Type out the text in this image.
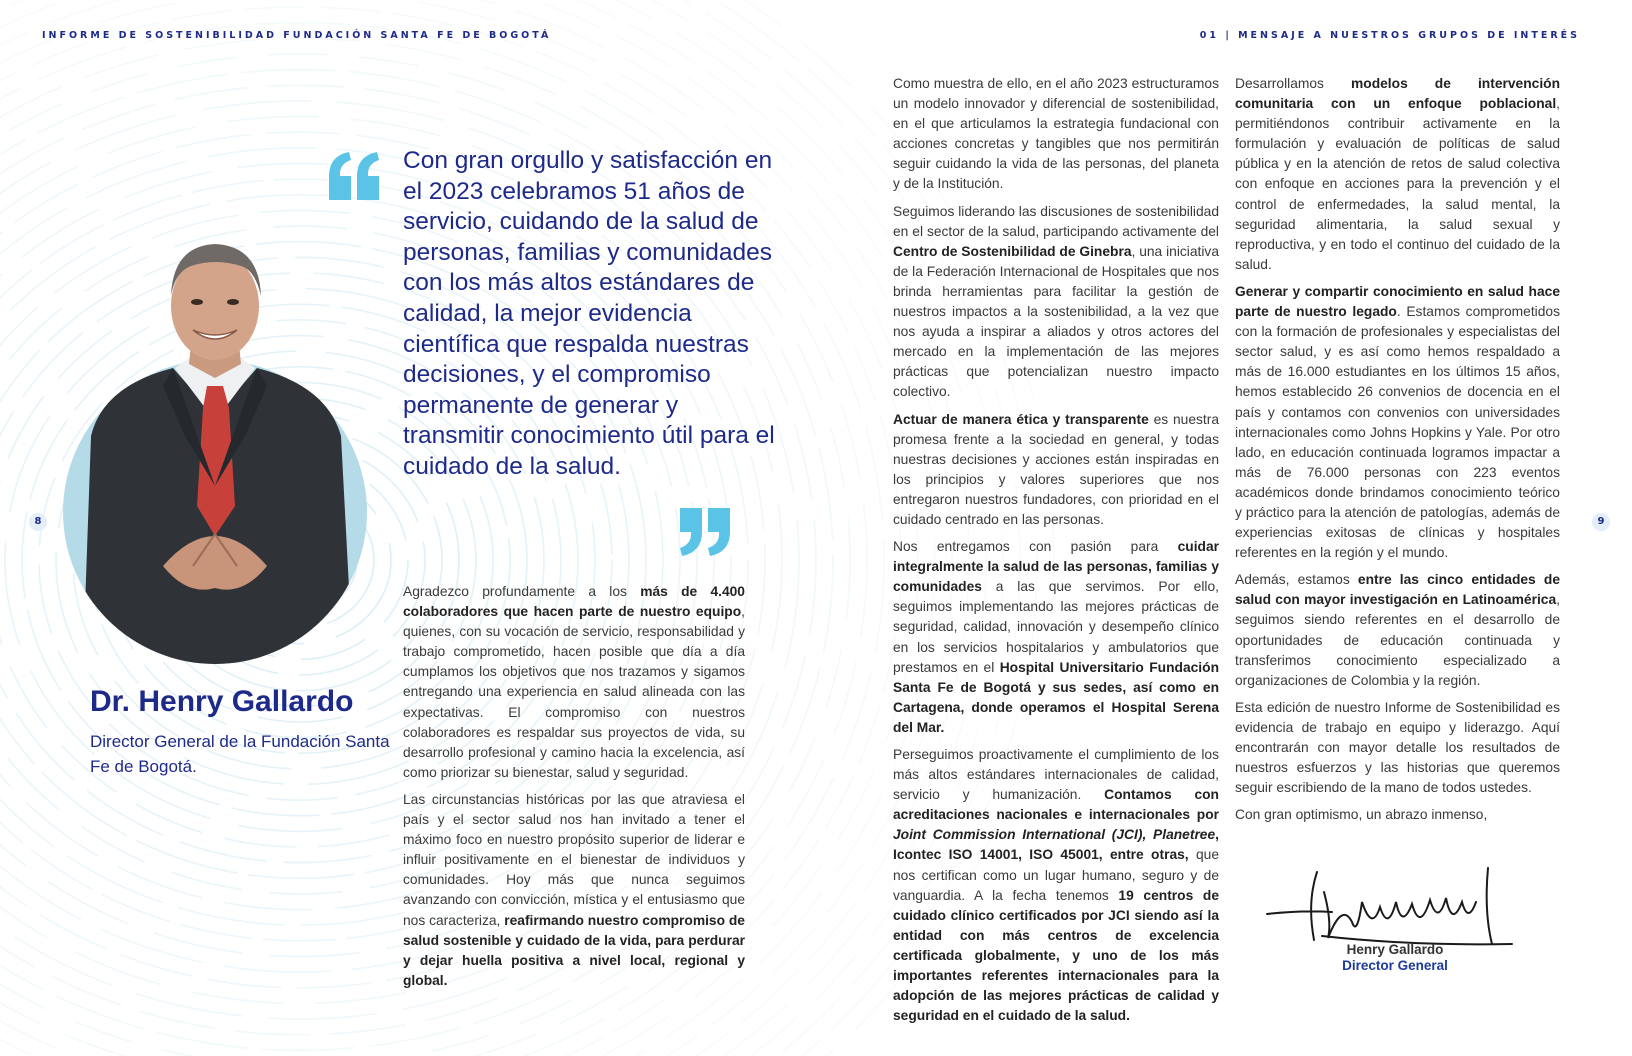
INFORME DE SOSTENIBILIDAD FUNDACIÓN SANTA FE DE BOGOTÁ	01 | MENSAJE A NUESTROS GRUPOS DE INTERÉS
8	9

Con gran orgullo y satisfacción en el 2023 celebramos 51 años de servicio, cuidando de la salud de personas, familias y comunidades con los más altos estándares de calidad, la mejor evidencia científica que respalda nuestras decisiones, y el compromiso permanente de generar y transmitir conocimiento útil para el cuidado de la salud.

Dr. Henry Gallardo

Director General de la Fundación Santa Fe de Bogotá.

Agradezco profundamente a los más de 4.400 colaboradores que hacen parte de nuestro equipo, quienes, con su vocación de servicio, responsabilidad y trabajo comprometido, hacen posible que día a día cumplamos los objetivos que nos trazamos y sigamos entregando una experiencia en salud alineada con las expectativas. El compromiso con nuestros colaboradores es respaldar sus proyectos de vida, su desarrollo profesional y camino hacia la excelencia, así como priorizar su bienestar, salud y seguridad.

Las circunstancias históricas por las que atraviesa el país y el sector salud nos han invitado a tener el máximo foco en nuestro propósito superior de liderar e influir positivamente en el bienestar de individuos y comunidades. Hoy más que nunca seguimos avanzando con convicción, mística y el entusiasmo que nos caracteriza, reafirmando nuestro compromiso de salud sostenible y cuidado de la vida, para perdurar y dejar huella positiva a nivel local, regional y global.

Como muestra de ello, en el año 2023 estructuramos un modelo innovador y diferencial de sostenibilidad, en el que articulamos la estrategia fundacional con acciones concretas y tangibles que nos permitirán seguir cuidando la vida de las personas, del planeta y de la Institución.

Seguimos liderando las discusiones de sostenibilidad en el sector de la salud, participando activamente del Centro de Sostenibilidad de Ginebra, una iniciativa de la Federación Internacional de Hospitales que nos brinda herramientas para facilitar la gestión de nuestros impactos a la sostenibilidad, a la vez que nos ayuda a inspirar a aliados y otros actores del mercado en la implementación de las mejores prácticas que potencializan nuestro impacto colectivo.

Actuar de manera ética y transparente es nuestra promesa frente a la sociedad en general, y todas nuestras decisiones y acciones están inspiradas en los principios y valores superiores que nos entregaron nuestros fundadores, con prioridad en el cuidado centrado en las personas.

Nos entregamos con pasión para cuidar integralmente la salud de las personas, familias y comunidades a las que servimos. Por ello, seguimos implementando las mejores prácticas de seguridad, calidad, innovación y desempeño clínico en los servicios hospitalarios y ambulatorios que prestamos en el Hospital Universitario Fundación Santa Fe de Bogotá y sus sedes, así como en Cartagena, donde operamos el Hospital Serena del Mar.

Perseguimos proactivamente el cumplimiento de los más altos estándares internacionales de calidad, servicio y humanización. Contamos con acreditaciones nacionales e internacionales por Joint Commission International (JCI), Planetree, Icontec ISO 14001, ISO 45001, entre otras, que nos certifican como un lugar humano, seguro y de vanguardia. A la fecha tenemos 19 centros de cuidado clínico certificados por JCI siendo así la entidad con más centros de excelencia certificada globalmente, y uno de los más importantes referentes internacionales para la adopción de las mejores prácticas de calidad y seguridad en el cuidado de la salud.

Desarrollamos modelos de intervención comunitaria con un enfoque poblacional, permitiéndonos contribuir activamente en la formulación y evaluación de políticas de salud pública y en la atención de retos de salud colectiva con enfoque en acciones para la prevención y el control de enfermedades, la salud mental, la seguridad alimentaria, la salud sexual y reproductiva, y en todo el continuo del cuidado de la salud.

Generar y compartir conocimiento en salud hace parte de nuestro legado. Estamos comprometidos con la formación de profesionales y especialistas del sector salud, y es así como hemos respaldado a más de 16.000 estudiantes en los últimos 15 años, hemos establecido 26 convenios de docencia en el país y contamos con convenios con universidades internacionales como Johns Hopkins y Yale. Por otro lado, en educación continuada logramos impactar a más de 76.000 personas con 223 eventos académicos donde brindamos conocimiento teórico y práctico para la atención de patologías, además de experiencias exitosas de clínicas y hospitales referentes en la región y el mundo.

Además, estamos entre las cinco entidades de salud con mayor investigación en Latinoamérica, seguimos siendo referentes en el desarrollo de oportunidades de educación continuada y transferimos conocimiento especializado a organizaciones de Colombia y la región.

Esta edición de nuestro Informe de Sostenibilidad es evidencia de trabajo en equipo y liderazgo. Aquí encontrarán con mayor detalle los resultados de nuestros esfuerzos y las historias que queremos seguir escribiendo de la mano de todos ustedes.

Con gran optimismo, un abrazo inmenso,

Henry Gallardo
Director General
